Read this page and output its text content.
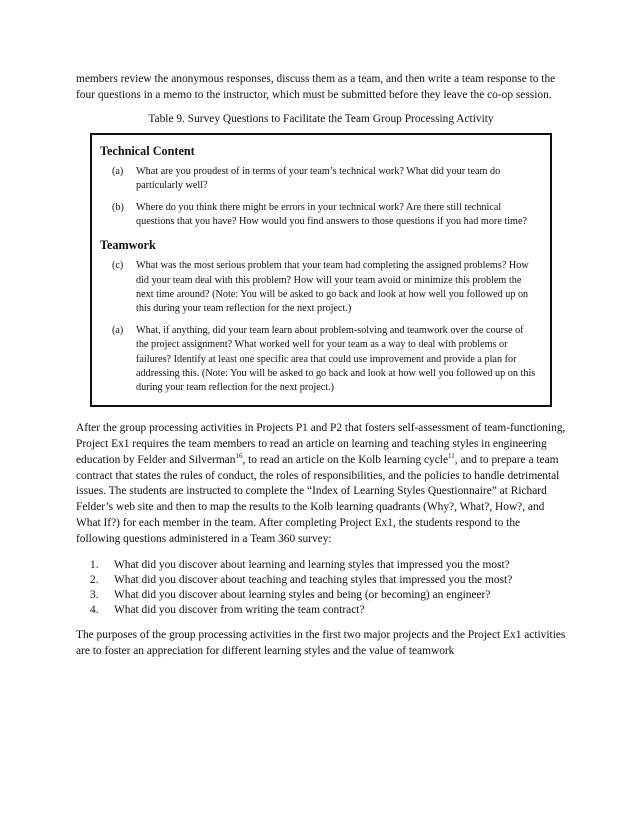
members review the anonymous responses, discuss them as a team, and then write a team response to the four questions in a memo to the instructor, which must be submitted before they leave the co-op session.

Table 9. Survey Questions to Facilitate the Team Group Processing Activity

Technical Content
(a)	What are you proudest of in terms of your team’s technical work? What did your team do particularly well?
(b)	Where do you think there might be errors in your technical work? Are there still technical questions that you have? How would you find answers to those questions if you had more time?
Teamwork
(c)	What was the most serious problem that your team had completing the assigned problems? How did your team deal with this problem? How will your team avoid or minimize this problem the next time around? (Note: You will be asked to go back and look at how well you followed up on this during your team reflection for the next project.)
(a)	What, if anything, did your team learn about problem-solving and teamwork over the course of the project assignment? What worked well for your team as a way to deal with problems or failures? Identify at least one specific area that could use improvement and provide a plan for addressing this. (Note: You will be asked to go back and look at how well you followed up on this during your team reflection for the next project.)

After the group processing activities in Projects P1 and P2 that fosters self-assessment of team-functioning, Project Ex1 requires the team members to read an article on learning and teaching styles in engineering education by Felder and Silverman$^{16}$, to read an article on the Kolb learning cycle$^{11}$, and to prepare a team contract that states the rules of conduct, the roles of responsibilities, and the policies to handle detrimental issues. The students are instructed to complete the “Index of Learning Styles Questionnaire” at Richard Felder’s web site and then to map the results to the Kolb learning quadrants (Why?, What?, How?, and What If?) for each member in the team. After completing Project Ex1, the students respond to the following questions administered in a Team 360 survey:

1.	What did you discover about learning and learning styles that impressed you the most?
2.	What did you discover about teaching and teaching styles that impressed you the most?
3.	What did you discover about learning styles and being (or becoming) an engineer?
4.	What did you discover from writing the team contract?

The purposes of the group processing activities in the first two major projects and the Project Ex1 activities are to foster an appreciation for different learning styles and the value of teamwork
